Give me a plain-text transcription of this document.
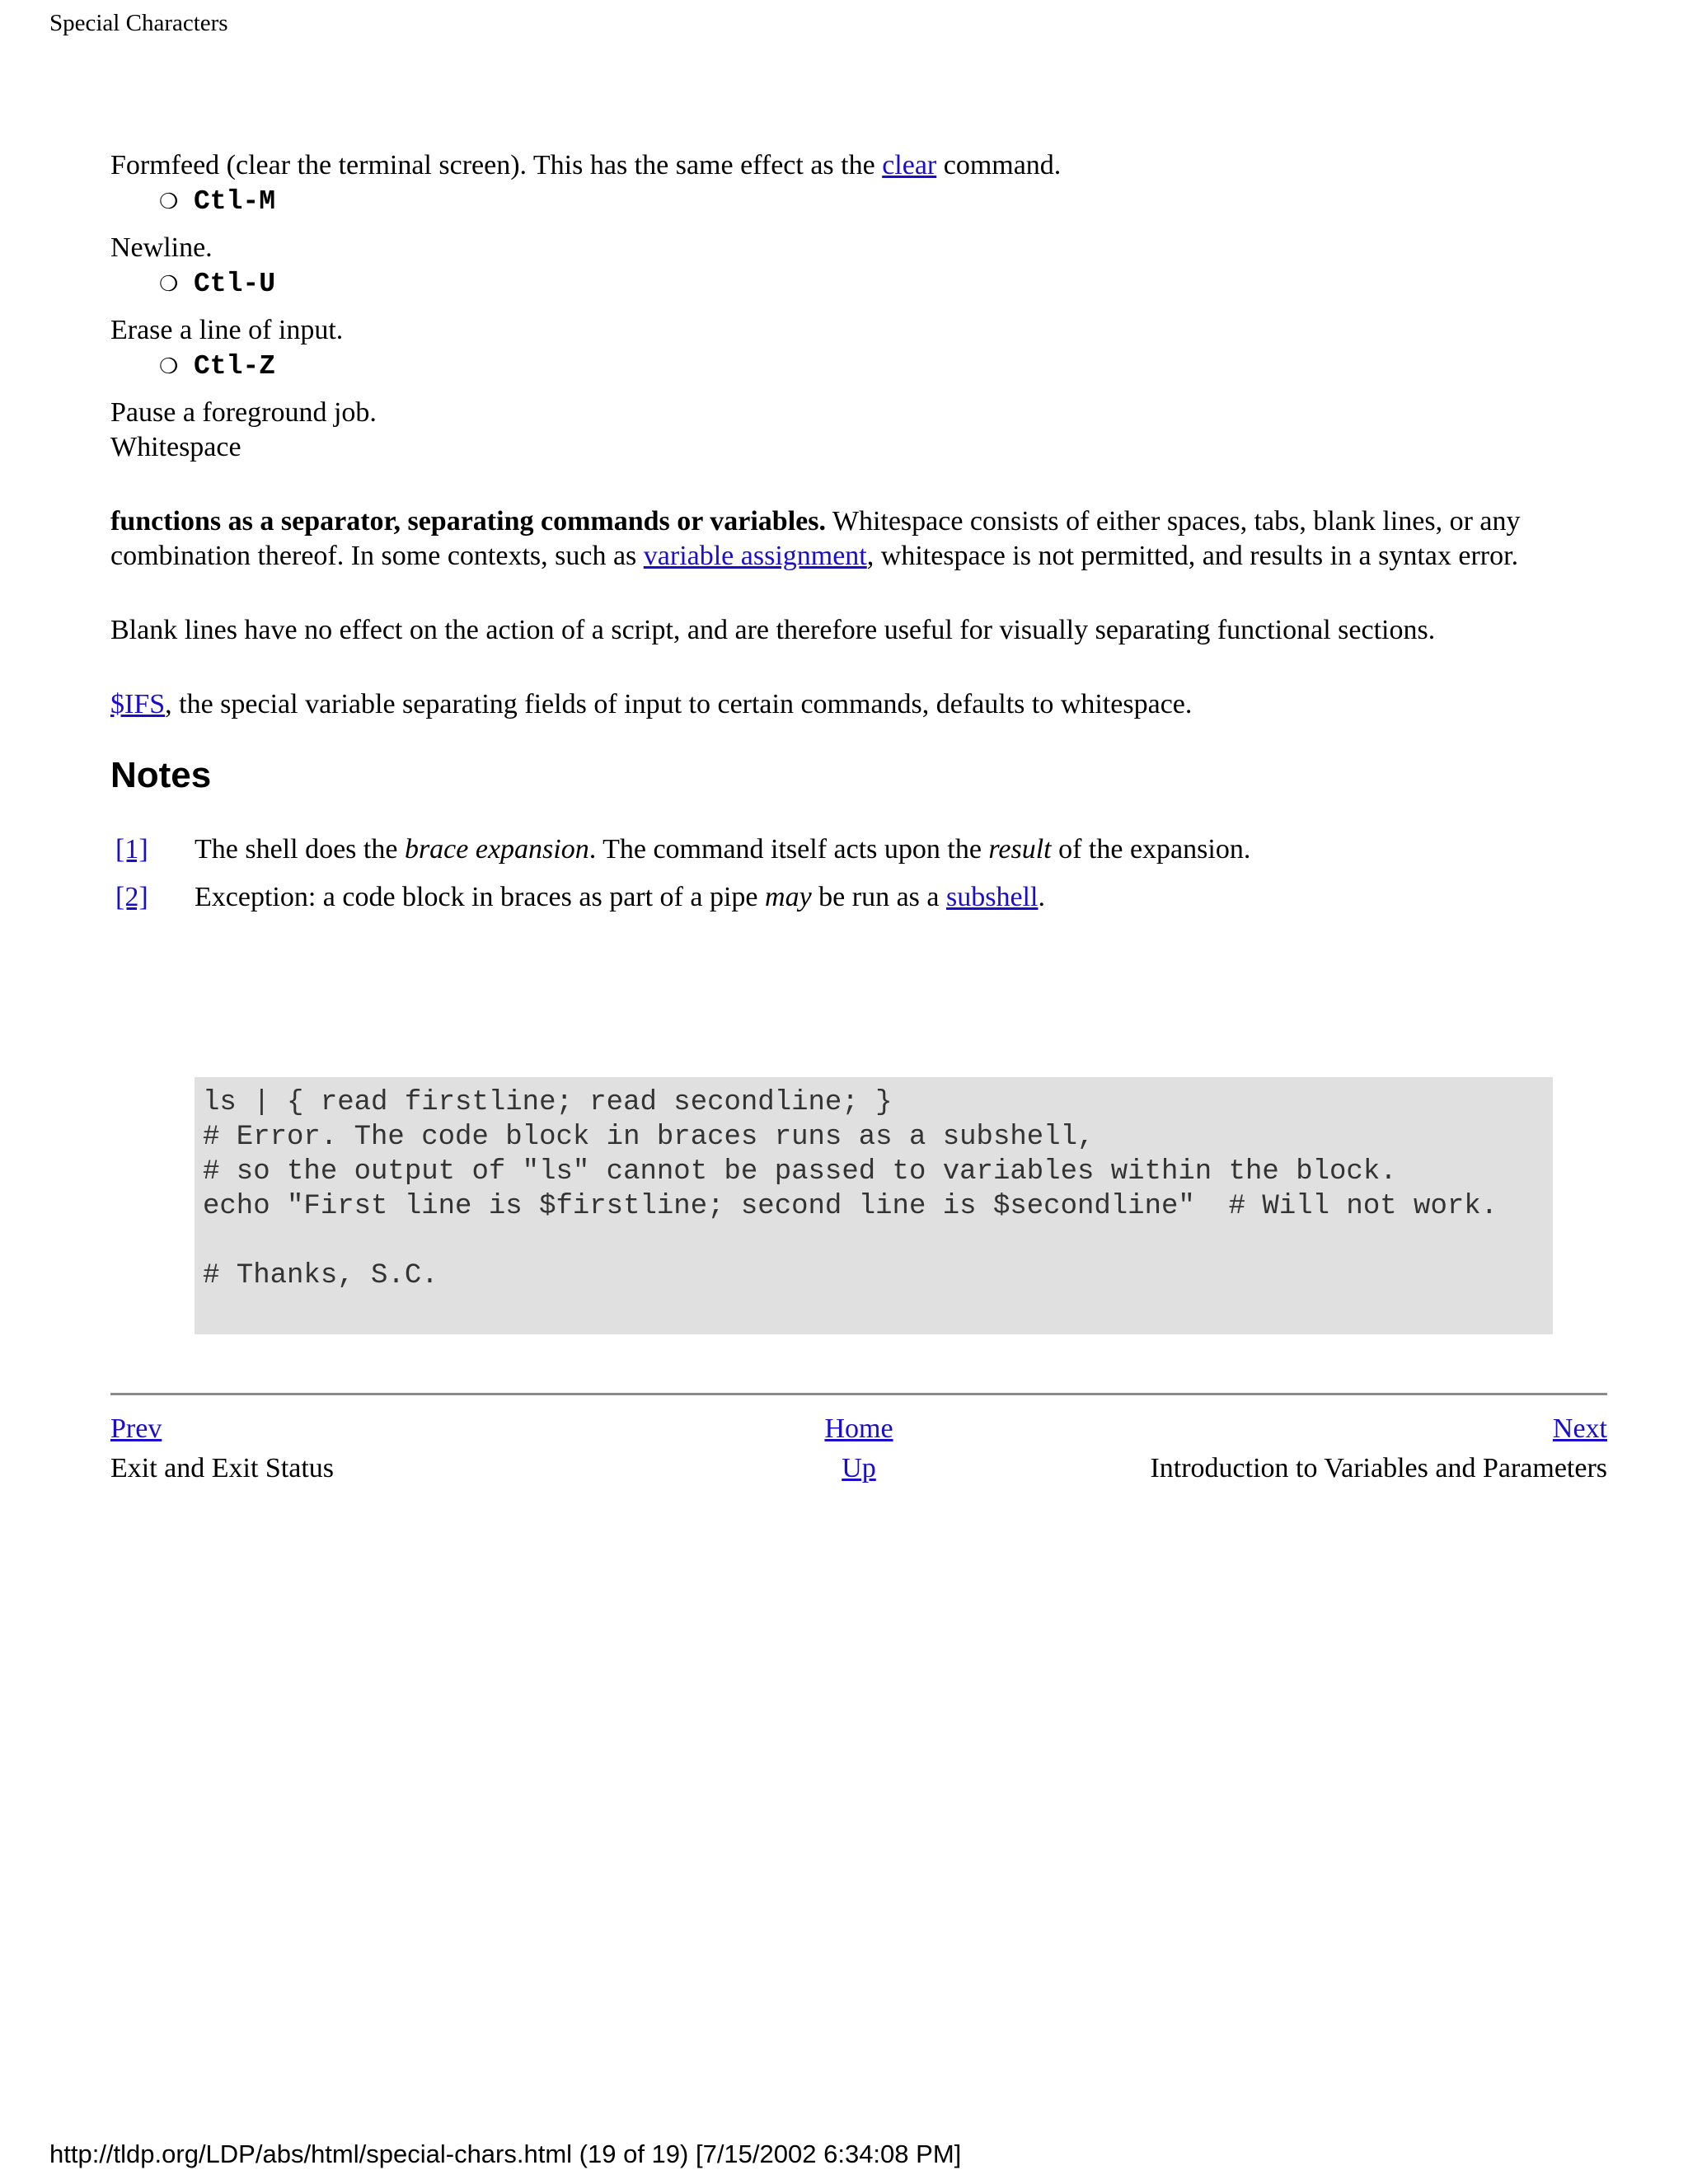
Special Characters

Formfeed (clear the terminal screen). This has the same effect as the clear command.

❍ Ctl-M

Newline.

❍ Ctl-U

Erase a line of input.

❍ Ctl-Z

Pause a foreground job.

Whitespace

functions as a separator, separating commands or variables. Whitespace consists of either spaces, tabs, blank lines, or any combination thereof. In some contexts, such as variable assignment, whitespace is not permitted, and results in a syntax error.

Blank lines have no effect on the action of a script, and are therefore useful for visually separating functional sections.

$IFS, the special variable separating fields of input to certain commands, defaults to whitespace.

Notes
[1] The shell does the brace expansion. The command itself acts upon the result of the expansion.
[2] Exception: a code block in braces as part of a pipe may be run as a subshell.
ls | { read firstline; read secondline; }
# Error. The code block in braces runs as a subshell,
# so the output of "ls" cannot be passed to variables within the block.
echo "First line is $firstline; second line is $secondline"  # Will not work.

# Thanks, S.C.
Prev
Exit and Exit Status
Home
Up
Next
Introduction to Variables and Parameters
http://tldp.org/LDP/abs/html/special-chars.html (19 of 19) [7/15/2002 6:34:08 PM]
